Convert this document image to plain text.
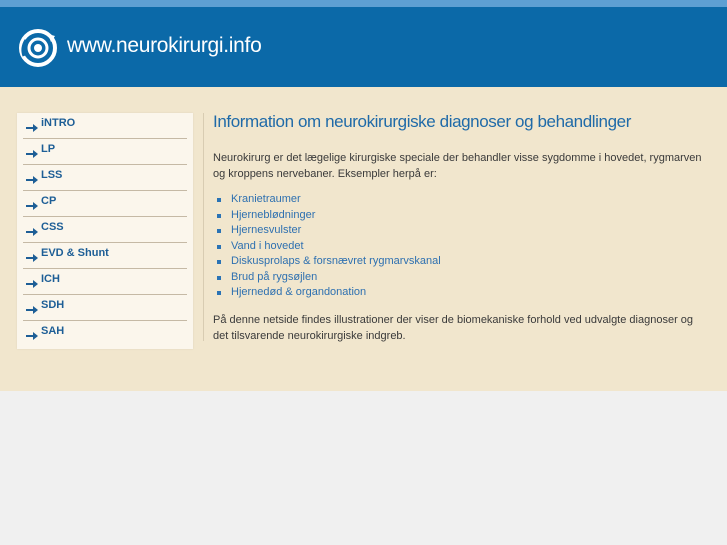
www.neurokirurgi.info
iNTRO
LP
LSS
CP
CSS
EVD & Shunt
ICH
SDH
SAH
Information om neurokirurgiske diagnoser og behandlinger

Neurokirurg er det lægelige kirurgiske speciale der behandler visse sygdomme i hovedet, rygmarven og kroppens nervebaner. Eksempler herpå er:

Kranietraumer
Hjerneblødninger
Hjernesvulster
Vand i hovedet
Diskusprolaps & forsnævret rygmarvskanal
Brud på rygsøjlen
Hjernedød & organdonation

På denne netside findes illustrationer der viser de biomekaniske forhold ved udvalgte diagnoser og det tilsvarende neurokirurgiske indgreb.
